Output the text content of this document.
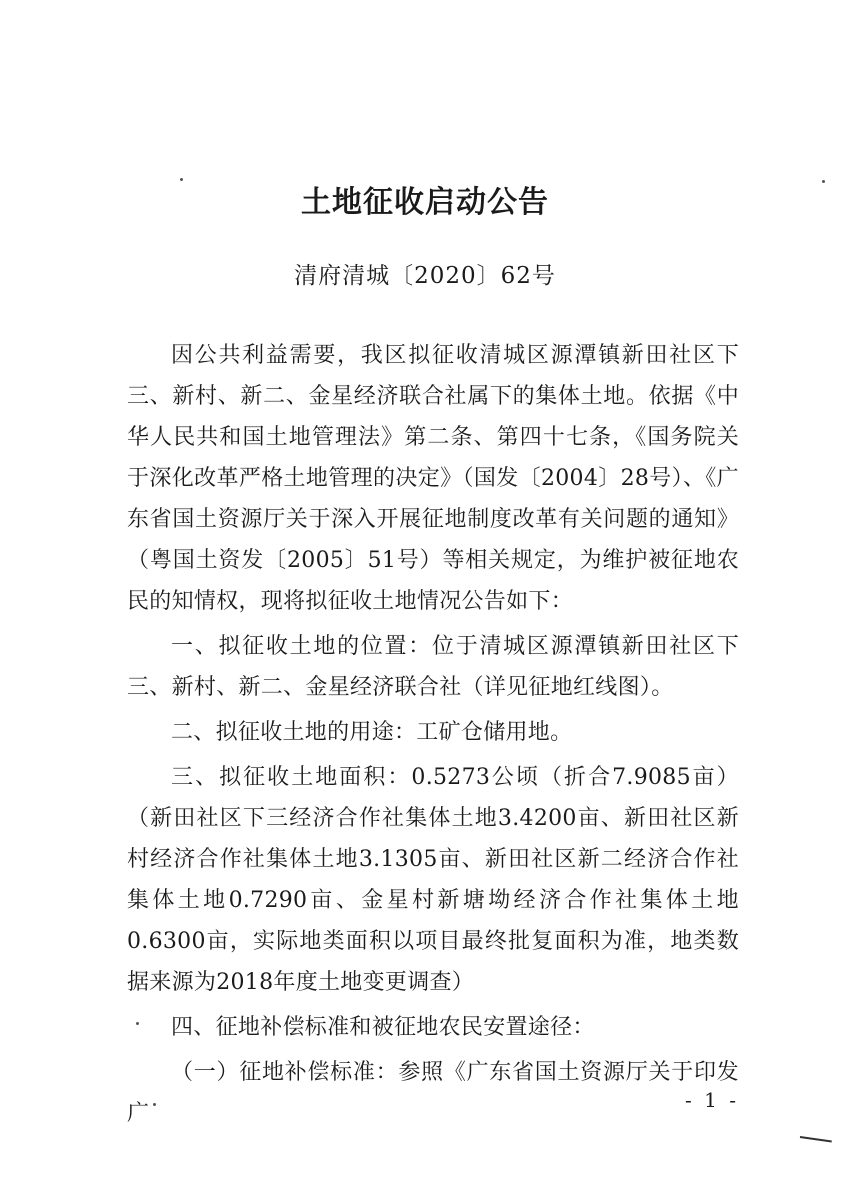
土地征收启动公告
清府清城〔2020〕62号

因公共利益需要，我区拟征收清城区源潭镇新田社区下三、新村、新二、金星经济联合社属下的集体土地。依据《中华人民共和国土地管理法》第二条、第四十七条，《国务院关于深化改革严格土地管理的决定》（国发〔2004〕28号）、《广东省国土资源厅关于深入开展征地制度改革有关问题的通知》（粤国土资发〔2005〕51号）等相关规定，为维护被征地农民的知情权，现将拟征收土地情况公告如下：

一、拟征收土地的位置：位于清城区源潭镇新田社区下三、新村、新二、金星经济联合社（详见征地红线图）。

二、拟征收土地的用途：工矿仓储用地。

三、拟征收土地面积：0.5273公顷（折合7.9085亩）（新田社区下三经济合作社集体土地3.4200亩、新田社区新村经济合作社集体土地3.1305亩、新田社区新二经济合作社集体土地0.7290亩、金星村新塘坳经济合作社集体土地0.6300亩，实际地类面积以项目最终批复面积为准，地类数据来源为2018年度土地变更调查）

四、征地补偿标准和被征地农民安置途径：

（一）征地补偿标准：参照《广东省国土资源厅关于印发广

- 1 -
